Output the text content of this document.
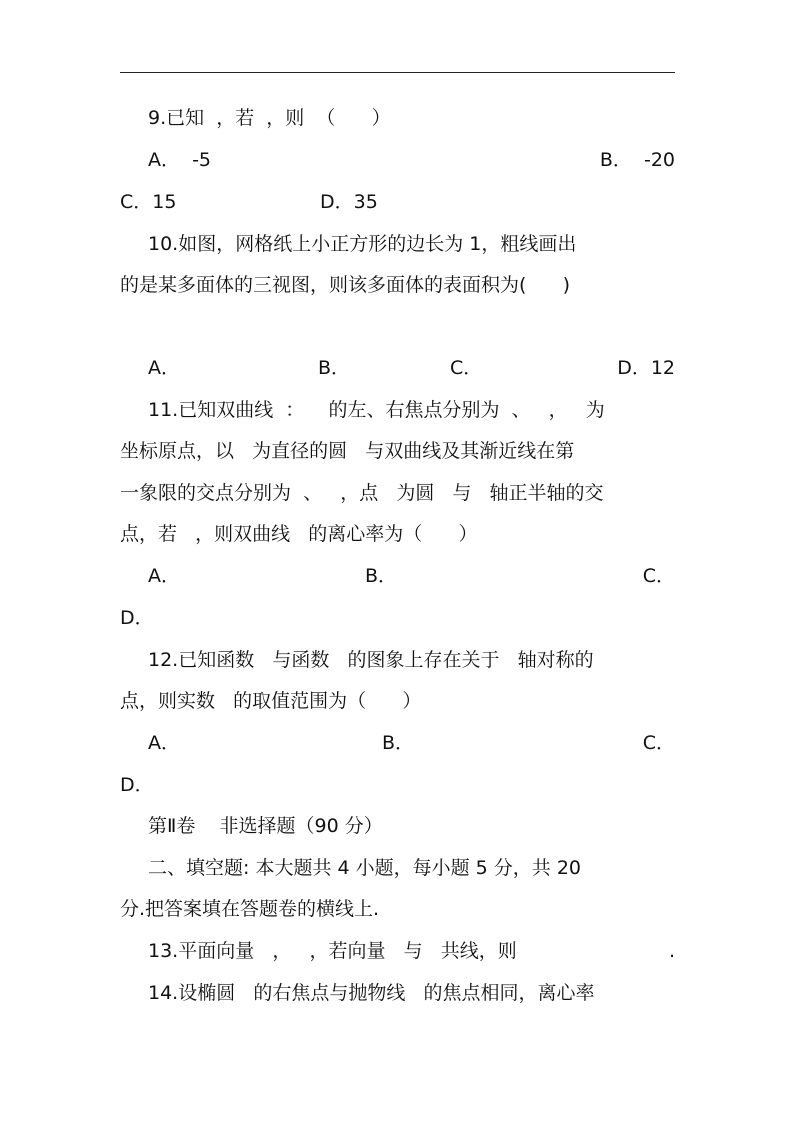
9.已知  ，若  ，则  （      ）

A．  -5

	B．  -20

C．15

	D．35

10.如图，网格纸上小正方形的边长为 1，粗线画出
的是某多面体的三视图，则该多面体的表面积为(      )

A．

	B．

	C．

	D．12

11.已知双曲线  ：    的左、右焦点分别为  、   ，   为
坐标原点，以   为直径的圆   与双曲线及其渐近线在第
一象限的交点分别为  、   ，点   为圆   与   轴正半轴的交
点，若   ，则双曲线   的离心率为（      ）

A．

	B．

	C．

D．
12.已知函数   与函数   的图象上存在关于   轴对称的
点，则实数   的取值范围为（      ）

A．

	B．

	C．

D．
第Ⅱ卷    非选择题（90 分）
二、填空题: 本大题共 4 小题，每小题 5 分，共 20
分.把答案填在答题卷的横线上.

13.平面向量   ，   ，若向量   与   共线，则

	.

14.设椭圆   的右焦点与抛物线   的焦点相同，离心率
